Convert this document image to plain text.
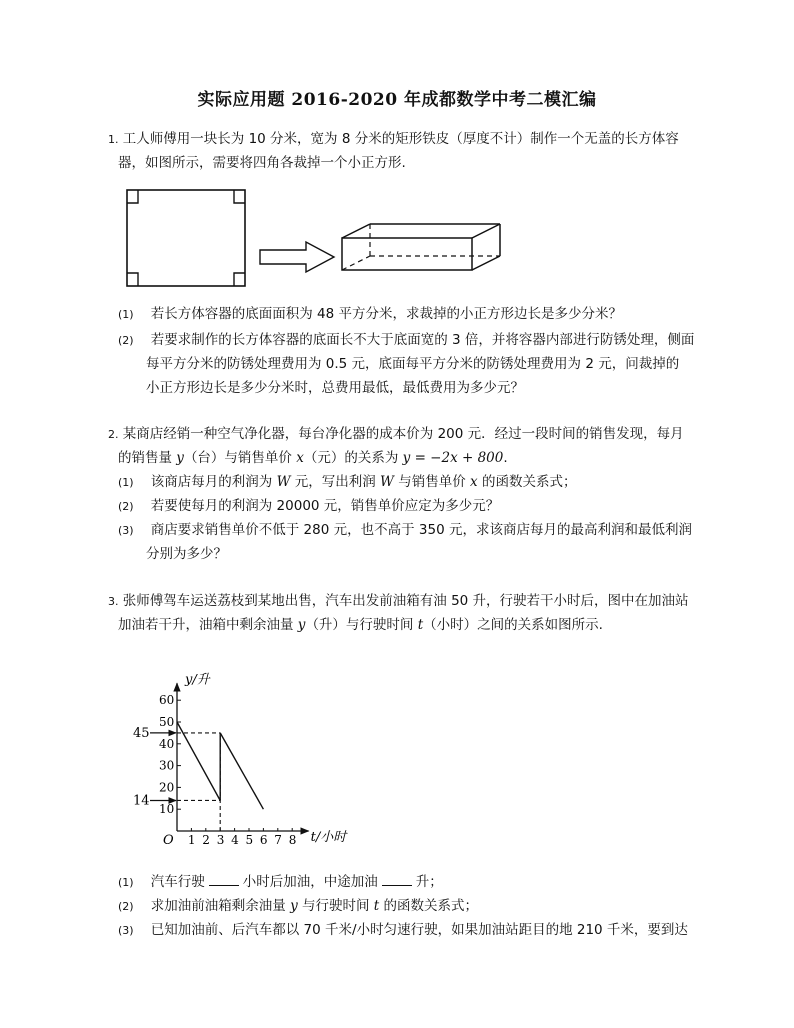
实际应用题 2016-2020 年成都数学中考二模汇编
1. 工人师傅用一块长为 10 分米，宽为 8 分米的矩形铁皮（厚度不计）制作一个无盖的长方体容
器，如图所示，需要将四角各裁掉一个小正方形.
(1) 若长方体容器的底面面积为 48 平方分米，求裁掉的小正方形边长是多少分米？
(2) 若要求制作的长方体容器的底面长不大于底面宽的 3 倍，并将容器内部进行防锈处理，侧面
每平方分米的防锈处理费用为 0.5 元，底面每平方分米的防锈处理费用为 2 元，问裁掉的
小正方形边长是多少分米时，总费用最低，最低费用为多少元？
2. 某商店经销一种空气净化器，每台净化器的成本价为 200 元．经过一段时间的销售发现，每月
的销售量 y（台）与销售单价 x（元）的关系为 y = −2x + 800.
(1) 该商店每月的利润为 W 元，写出利润 W 与销售单价 x 的函数关系式；
(2) 若要使每月的利润为 20000 元，销售单价应定为多少元？
(3) 商店要求销售单价不低于 280 元，也不高于 350 元，求该商店每月的最高利润和最低利润
分别为多少？
3. 张师傅驾车运送荔枝到某地出售，汽车出发前油箱有油 50 升，行驶若干小时后，图中在加油站
加油若干升，油箱中剩余油量 y（升）与行驶时间 t（小时）之间的关系如图所示.
O	t/小时
y/升
1 2 3 4 5 6 7 8
10
20
30
40
50
60
45
14
(1) 汽车行驶	小时后加油，中途加油	升；
(2) 求加油前油箱剩余油量 y 与行驶时间 t 的函数关系式；
(3) 已知加油前、后汽车都以 70 千米/小时匀速行驶，如果加油站距目的地 210 千米，要到达
